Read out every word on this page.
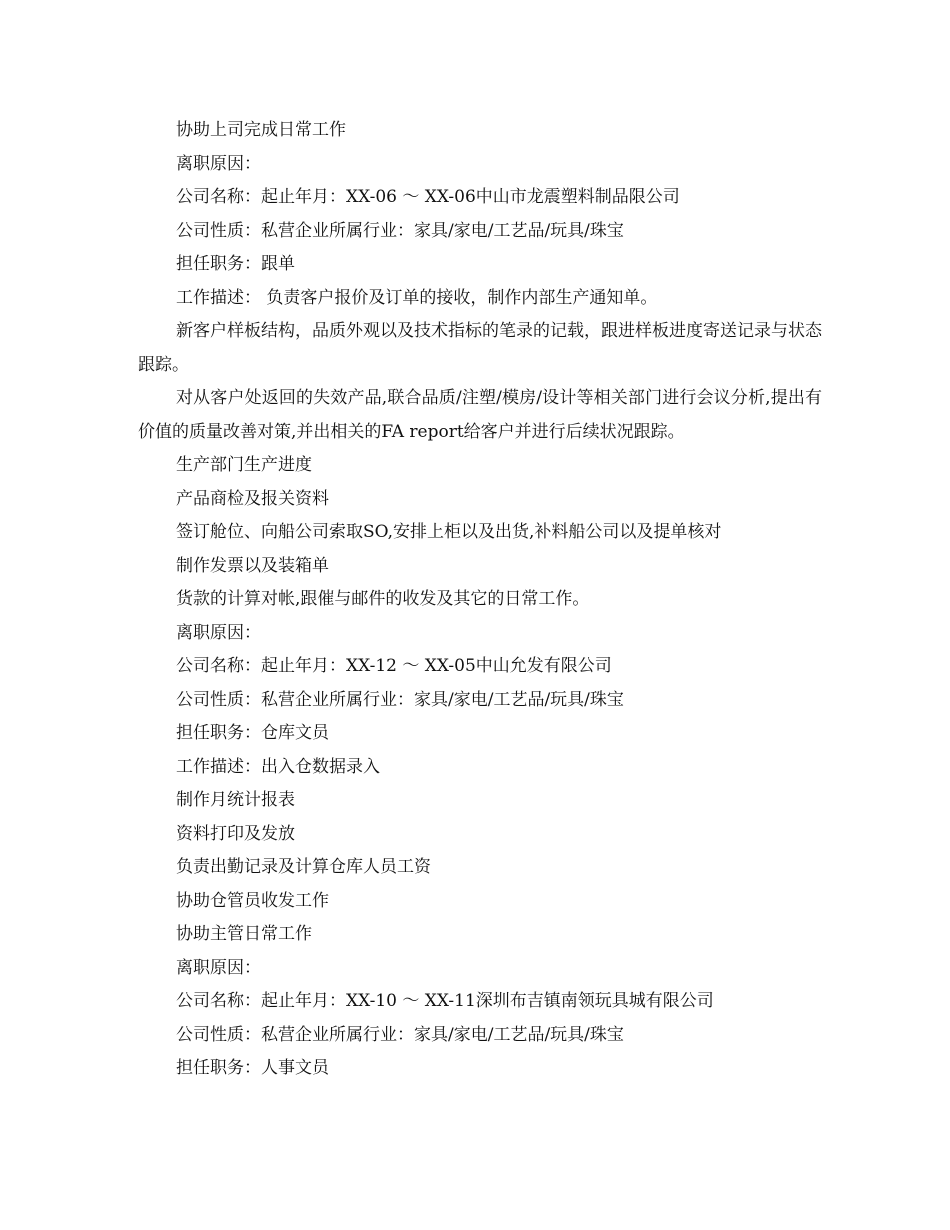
协助上司完成日常工作

离职原因：

公司名称：起止年月：XX-06 ～ XX-06中山市龙震塑料制品限公司

公司性质：私营企业所属行业：家具/家电/工艺品/玩具/珠宝

担任职务：跟单

工作描述： 负责客户报价及订单的接收，制作内部生产通知单。

新客户样板结构，品质外观以及技术指标的笔录的记载，跟进样板进度寄送记录与状态跟踪。

对从客户处返回的失效产品,联合品质/注塑/模房/设计等相关部门进行会议分析,提出有价值的质量改善对策,并出相关的FA report给客户并进行后续状况跟踪。

生产部门生产进度

产品商检及报关资料

签订舱位、向船公司索取SO,安排上柜以及出货,补料船公司以及提单核对

制作发票以及装箱单

货款的计算对帐,跟催与邮件的收发及其它的日常工作。

离职原因：

公司名称：起止年月：XX-12 ～ XX-05中山允发有限公司

公司性质：私营企业所属行业：家具/家电/工艺品/玩具/珠宝

担任职务：仓库文员

工作描述：出入仓数据录入

制作月统计报表

资料打印及发放

负责出勤记录及计算仓库人员工资

协助仓管员收发工作

协助主管日常工作

离职原因：

公司名称：起止年月：XX-10 ～ XX-11深圳布吉镇南领玩具城有限公司

公司性质：私营企业所属行业：家具/家电/工艺品/玩具/珠宝

担任职务：人事文员
